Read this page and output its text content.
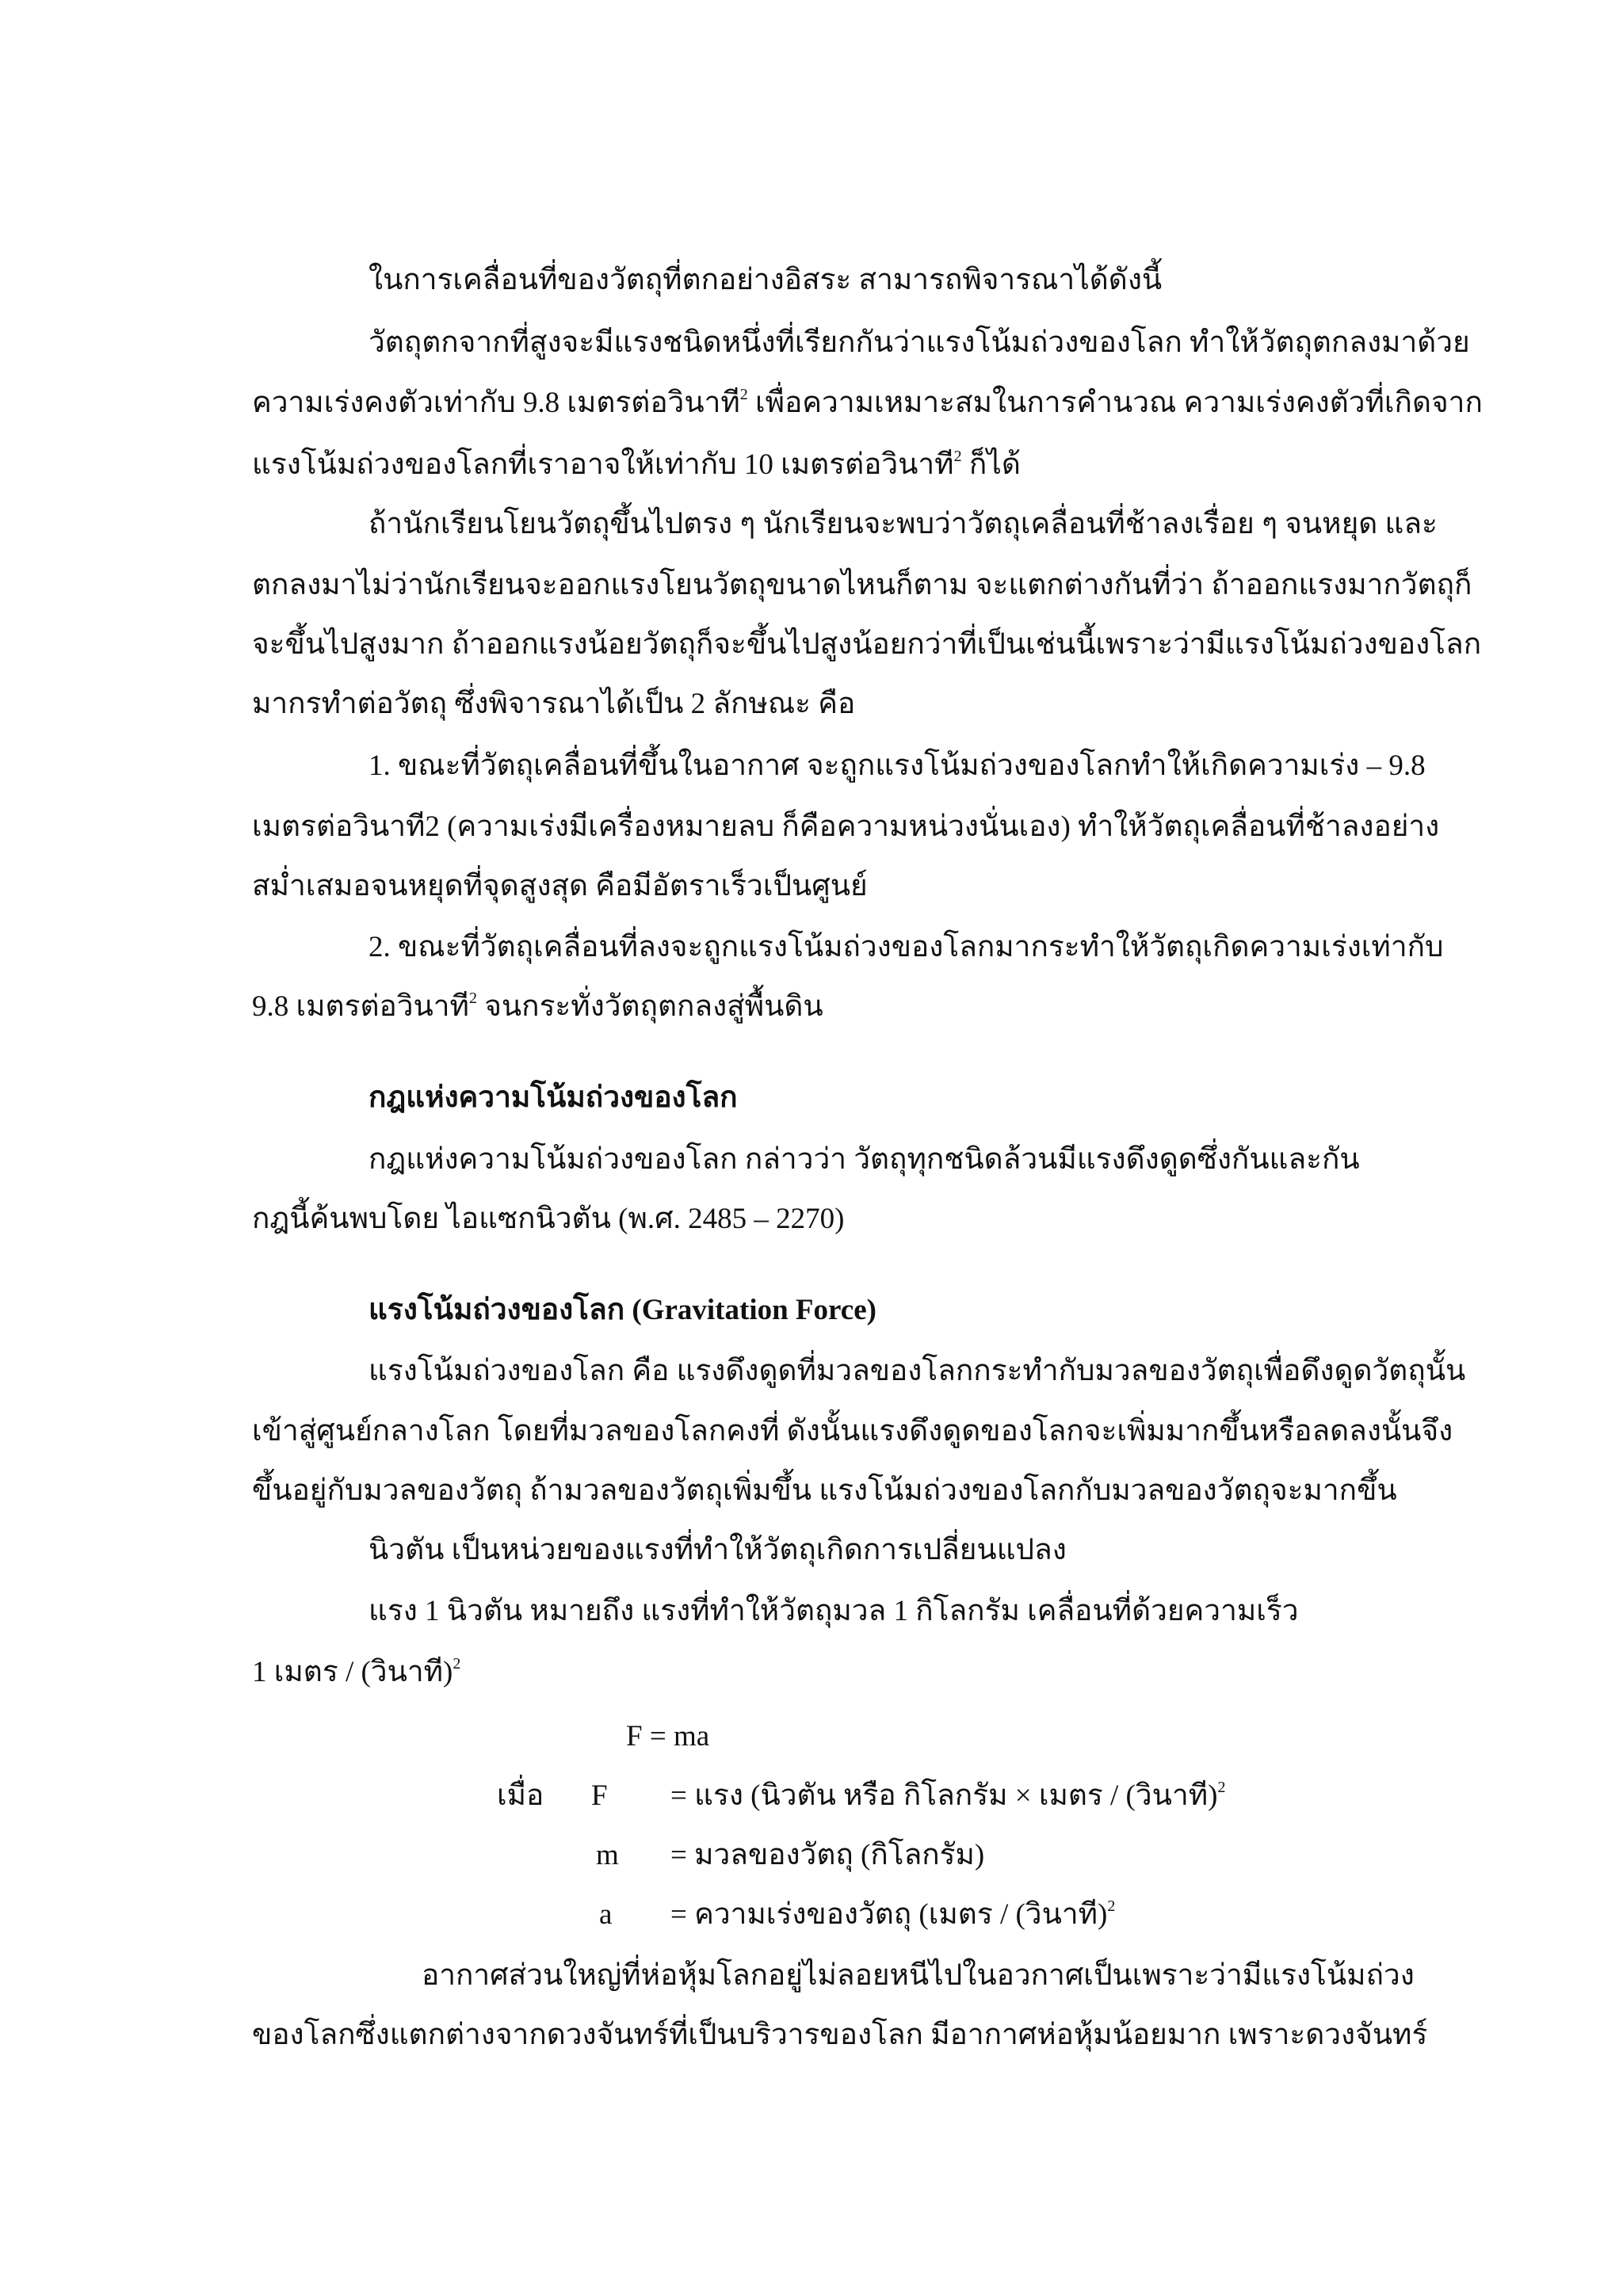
ในการเคลื่อนที่ของวัตถุที่ตกอย่างอิสระ สามารถพิจารณาได้ดังนี้
วัตถุตกจากที่สูงจะมีแรงชนิดหนึ่งที่เรียกกันว่าแรงโน้มถ่วงของโลก ทำให้วัตถุตกลงมาด้วย
ความเร่งคงตัวเท่ากับ 9.8 เมตรต่อวินาที$^2$ เพื่อความเหมาะสมในการคำนวณ ความเร่งคงตัวที่เกิดจาก
แรงโน้มถ่วงของโลกที่เราอาจให้เท่ากับ 10 เมตรต่อวินาที$^2$ ก็ได้
ถ้านักเรียนโยนวัตถุขึ้นไปตรง ๆ นักเรียนจะพบว่าวัตถุเคลื่อนที่ช้าลงเรื่อย ๆ จนหยุด และ
ตกลงมาไม่ว่านักเรียนจะออกแรงโยนวัตถุขนาดไหนก็ตาม จะแตกต่างกันที่ว่า ถ้าออกแรงมากวัตถุก็
จะขึ้นไปสูงมาก ถ้าออกแรงน้อยวัตถุก็จะขึ้นไปสูงน้อยกว่าที่เป็นเช่นนี้เพราะว่ามีแรงโน้มถ่วงของโลก
มากรทำต่อวัตถุ ซึ่งพิจารณาได้เป็น 2 ลักษณะ คือ
1. ขณะที่วัตถุเคลื่อนที่ขึ้นในอากาศ จะถูกแรงโน้มถ่วงของโลกทำให้เกิดความเร่ง – 9.8
เมตรต่อวินาที2 (ความเร่งมีเครื่องหมายลบ ก็คือความหน่วงนั่นเอง) ทำให้วัตถุเคลื่อนที่ช้าลงอย่าง
สม่ำเสมอจนหยุดที่จุดสูงสุด คือมีอัตราเร็วเป็นศูนย์
2. ขณะที่วัตถุเคลื่อนที่ลงจะถูกแรงโน้มถ่วงของโลกมากระทำให้วัตถุเกิดความเร่งเท่ากับ
9.8 เมตรต่อวินาที$^2$ จนกระทั่งวัตถุตกลงสู่พื้นดิน
กฎแห่งความโน้มถ่วงของโลก
กฎแห่งความโน้มถ่วงของโลก กล่าวว่า วัตถุทุกชนิดล้วนมีแรงดึงดูดซึ่งกันและกัน
กฎนี้ค้นพบโดย ไอแซกนิวตัน (พ.ศ. 2485 – 2270)
แรงโน้มถ่วงของโลก (Gravitation Force)
แรงโน้มถ่วงของโลก คือ แรงดึงดูดที่มวลของโลกกระทำกับมวลของวัตถุเพื่อดึงดูดวัตถุนั้น
เข้าสู่ศูนย์กลางโลก โดยที่มวลของโลกคงที่ ดังนั้นแรงดึงดูดของโลกจะเพิ่มมากขึ้นหรือลดลงนั้นจึง
ขึ้นอยู่กับมวลของวัตถุ ถ้ามวลของวัตถุเพิ่มขึ้น แรงโน้มถ่วงของโลกกับมวลของวัตถุจะมากขึ้น
นิวตัน เป็นหน่วยของแรงที่ทำให้วัตถุเกิดการเปลี่ยนแปลง
แรง 1 นิวตัน หมายถึง แรงที่ทำให้วัตถุมวล 1 กิโลกรัม เคลื่อนที่ด้วยความเร็ว
1 เมตร / (วินาที)$^2$
F = ma
เมื่อ F = แรง (นิวตัน หรือ กิโลกรัม × เมตร / (วินาที)$^2$
m = มวลของวัตถุ (กิโลกรัม)
a = ความเร่งของวัตถุ (เมตร / (วินาที)$^2$
อากาศส่วนใหญ่ที่ห่อหุ้มโลกอยู่ไม่ลอยหนีไปในอวกาศเป็นเพราะว่ามีแรงโน้มถ่วง
ของโลกซึ่งแตกต่างจากดวงจันทร์ที่เป็นบริวารของโลก มีอากาศห่อหุ้มน้อยมาก เพราะดวงจันทร์
